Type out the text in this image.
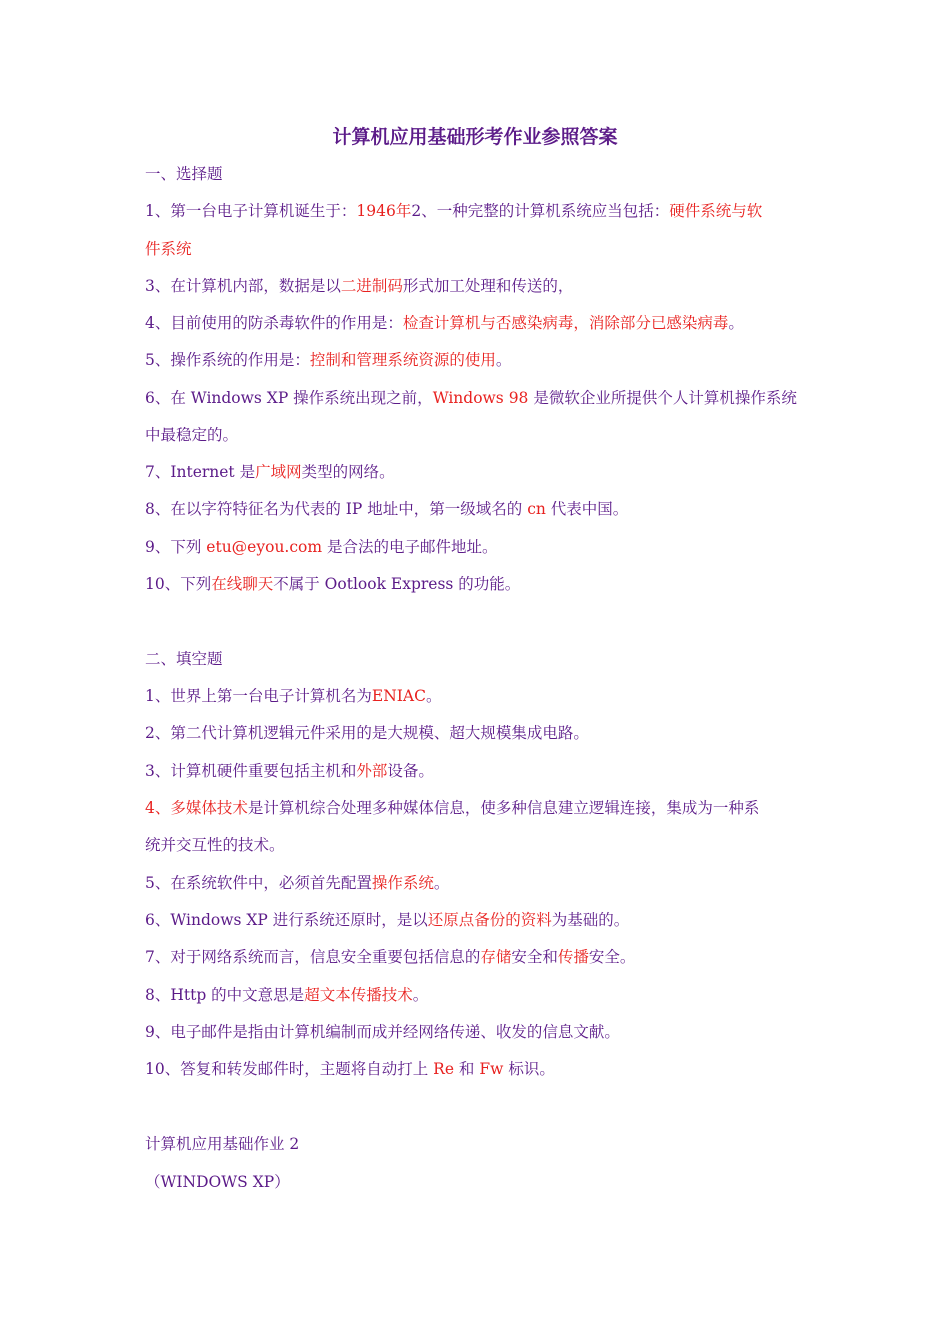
计算机应用基础形考作业参照答案
一、选择题
1、第一台电子计算机诞生于：1946年2、一种完整的计算机系统应当包括：硬件系统与软
件系统
3、在计算机内部，数据是以二进制码形式加工处理和传送的，
4、目前使用的防杀毒软件的作用是：检查计算机与否感染病毒，消除部分已感染病毒。
5、操作系统的作用是：控制和管理系统资源的使用。
6、在 Windows XP 操作系统出现之前，Windows 98 是微软企业所提供个人计算机操作系统
中最稳定的。
7、Internet 是广域网类型的网络。
8、在以字符特征名为代表的 IP 地址中，第一级域名的 cn 代表中国。
9、下列 etu@eyou.com 是合法的电子邮件地址。
10、下列在线聊天不属于 Ootlook Express 的功能。
二、填空题
1、世界上第一台电子计算机名为ENIAC。
2、第二代计算机逻辑元件采用的是大规模、超大规模集成电路。
3、计算机硬件重要包括主机和外部设备。
4、多媒体技术是计算机综合处理多种媒体信息，使多种信息建立逻辑连接，集成为一种系
统并交互性的技术。
5、在系统软件中，必须首先配置操作系统。
6、Windows XP 进行系统还原时，是以还原点备份的资料为基础的。
7、对于网络系统而言，信息安全重要包括信息的存储安全和传播安全。
8、Http 的中文意思是超文本传播技术。
9、电子邮件是指由计算机编制而成并经网络传递、收发的信息文献。
10、答复和转发邮件时，主题将自动打上 Re 和 Fw 标识。
计算机应用基础作业 2
（WINDOWS XP）
